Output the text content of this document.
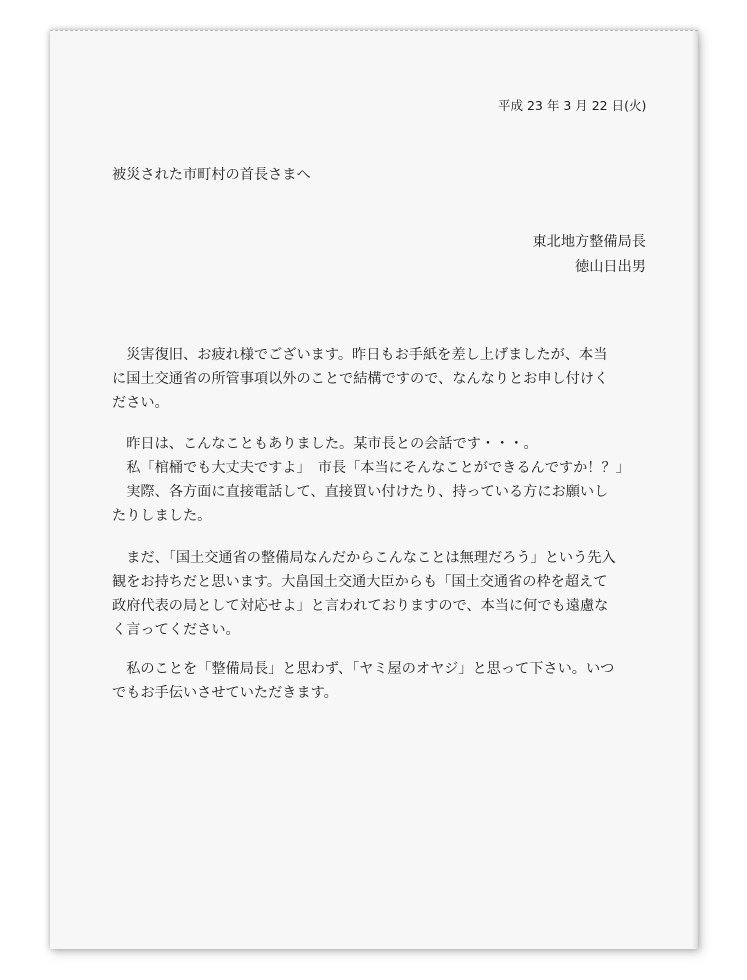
平成 23 年 3 月 22 日(火)
被災された市町村の首長さまへ
東北地方整備局長
徳山日出男
　災害復旧、お疲れ様でございます。昨日もお手紙を差し上げましたが、本当
に国土交通省の所管事項以外のことで結構ですので、なんなりとお申し付けく
ださい。
　昨日は、こんなこともありました。某市長との会話です・・・。
　私「棺桶でも大丈夫ですよ」　市長「本当にそんなことができるんですか！？」
　実際、各方面に直接電話して、直接買い付けたり、持っている方にお願いし
たりしました。
　まだ、「国土交通省の整備局なんだからこんなことは無理だろう」という先入
観をお持ちだと思います。大畠国土交通大臣からも「国土交通省の枠を超えて
政府代表の局として対応せよ」と言われておりますので、本当に何でも遠慮な
く言ってください。
　私のことを「整備局長」と思わず、「ヤミ屋のオヤジ」と思って下さい。いつ
でもお手伝いさせていただきます。
